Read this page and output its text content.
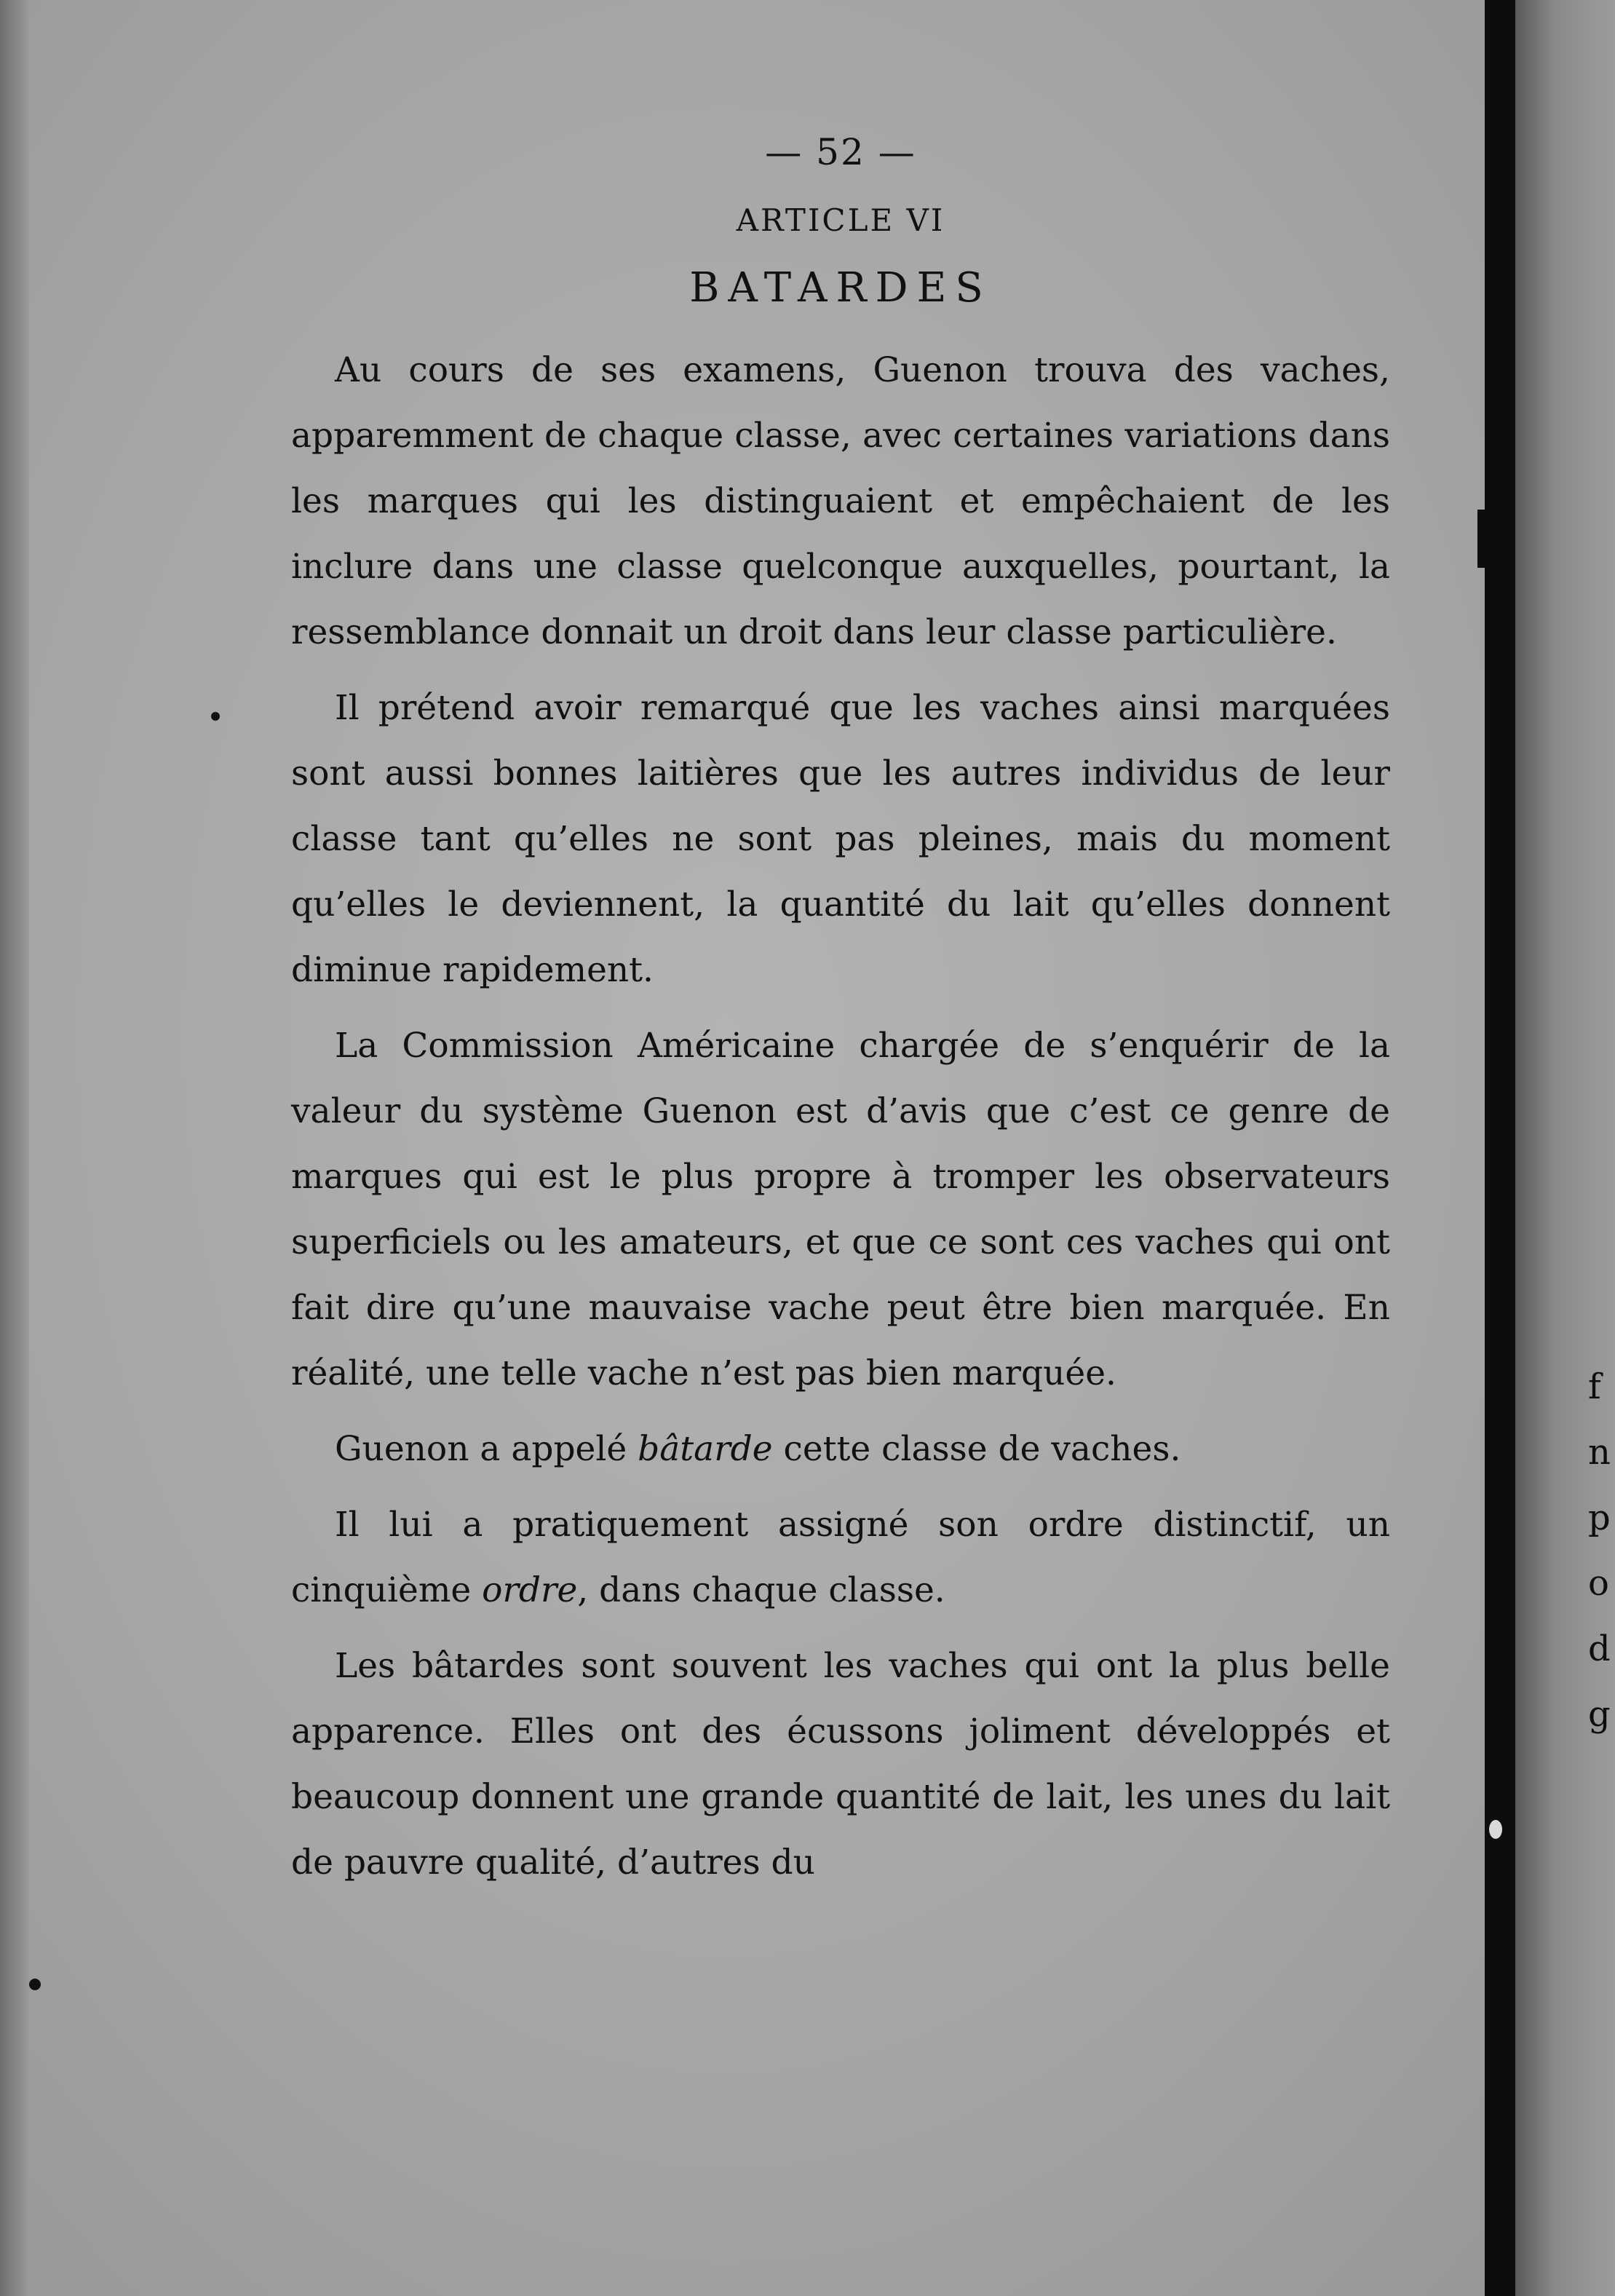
— 52 —
ARTICLE VI
BATARDES

Au cours de ses examens, Guenon trouva des vaches, apparemment de chaque classe, avec certaines variations dans les marques qui les distinguaient et empêchaient de les inclure dans une classe quelconque auxquelles, pourtant, la ressemblance donnait un droit dans leur classe particulière.

Il prétend avoir remarqué que les vaches ainsi marquées sont aussi bonnes laitières que les autres individus de leur classe tant qu’elles ne sont pas pleines, mais du moment qu’elles le deviennent, la quantité du lait qu’elles donnent diminue rapidement.

La Commission Américaine chargée de s’enquérir de la valeur du système Guenon est d’avis que c’est ce genre de marques qui est le plus propre à tromper les observateurs superficiels ou les amateurs, et que ce sont ces vaches qui ont fait dire qu’une mauvaise vache peut être bien marquée. En réalité, une telle vache n’est pas bien marquée.

Guenon a appelé bâtarde cette classe de vaches.

Il lui a pratiquement assigné son ordre distinctif, un cinquième ordre, dans chaque classe.

Les bâtardes sont souvent les vaches qui ont la plus belle apparence. Elles ont des écussons joliment développés et beaucoup donnent une grande quantité de lait, les unes du lait de pauvre qualité, d’autres du

f
n
p
o
d
g
